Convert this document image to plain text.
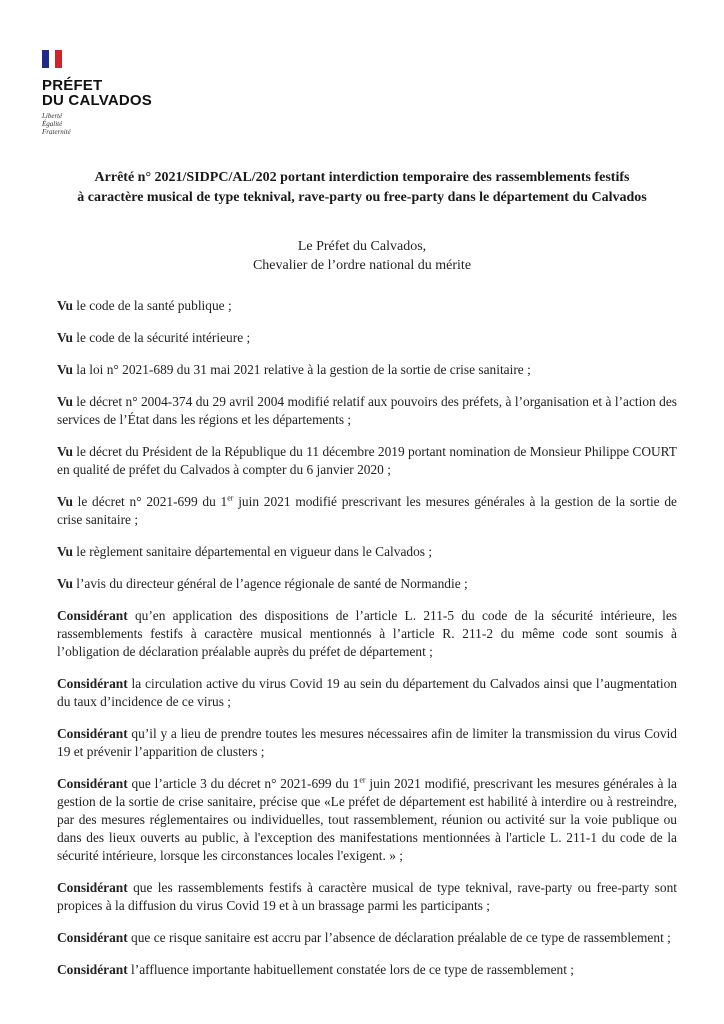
PRÉFET
DU CALVADOS
Liberté
Égalité
Fraternité
Arrêté n° 2021/SIDPC/AL/202 portant interdiction temporaire des rassemblements festifs
à caractère musical de type teknival, rave-party ou free-party dans le département du Calvados
Le Préfet du Calvados,
Chevalier de l’ordre national du mérite

Vu le code de la santé publique ;

Vu le code de la sécurité intérieure ;

Vu la loi n° 2021-689 du 31 mai 2021 relative à la gestion de la sortie de crise sanitaire ;

Vu le décret n° 2004-374 du 29 avril 2004 modifié relatif aux pouvoirs des préfets, à l’organisation et à l’action des services de l’État dans les régions et les départements ;

Vu le décret du Président de la République du 11 décembre 2019 portant nomination de Monsieur Philippe COURT en qualité de préfet du Calvados à compter du 6 janvier 2020 ;

Vu le décret n° 2021-699 du 1er juin 2021 modifié prescrivant les mesures générales à la gestion de la sortie de crise sanitaire ;

Vu le règlement sanitaire départemental en vigueur dans le Calvados ;

Vu l’avis du directeur général de l’agence régionale de santé de Normandie ;

Considérant qu’en application des dispositions de l’article L. 211-5 du code de la sécurité intérieure, les rassemblements festifs à caractère musical mentionnés à l’article R. 211-2 du même code sont soumis à l’obligation de déclaration préalable auprès du préfet de département ;

Considérant la circulation active du virus Covid 19 au sein du département du Calvados ainsi que l’augmentation du taux d’incidence de ce virus ;

Considérant qu’il y a lieu de prendre toutes les mesures nécessaires afin de limiter la transmission du virus Covid 19 et prévenir l’apparition de clusters ;

Considérant que l’article 3 du décret n° 2021-699 du 1er juin 2021 modifié, prescrivant les mesures générales à la gestion de la sortie de crise sanitaire, précise que «Le préfet de département est habilité à interdire ou à restreindre, par des mesures réglementaires ou individuelles, tout rassemblement, réunion ou activité sur la voie publique ou dans des lieux ouverts au public, à l'exception des manifestations mentionnées à l'article L. 211-1 du code de la sécurité intérieure, lorsque les circonstances locales l'exigent. » ;

Considérant que les rassemblements festifs à caractère musical de type teknival, rave-party ou free-party sont propices à la diffusion du virus Covid 19 et à un brassage parmi les participants ;

Considérant que ce risque sanitaire est accru par l’absence de déclaration préalable de ce type de rassemblement ;

Considérant l’affluence importante habituellement constatée lors de ce type de rassemblement ;
